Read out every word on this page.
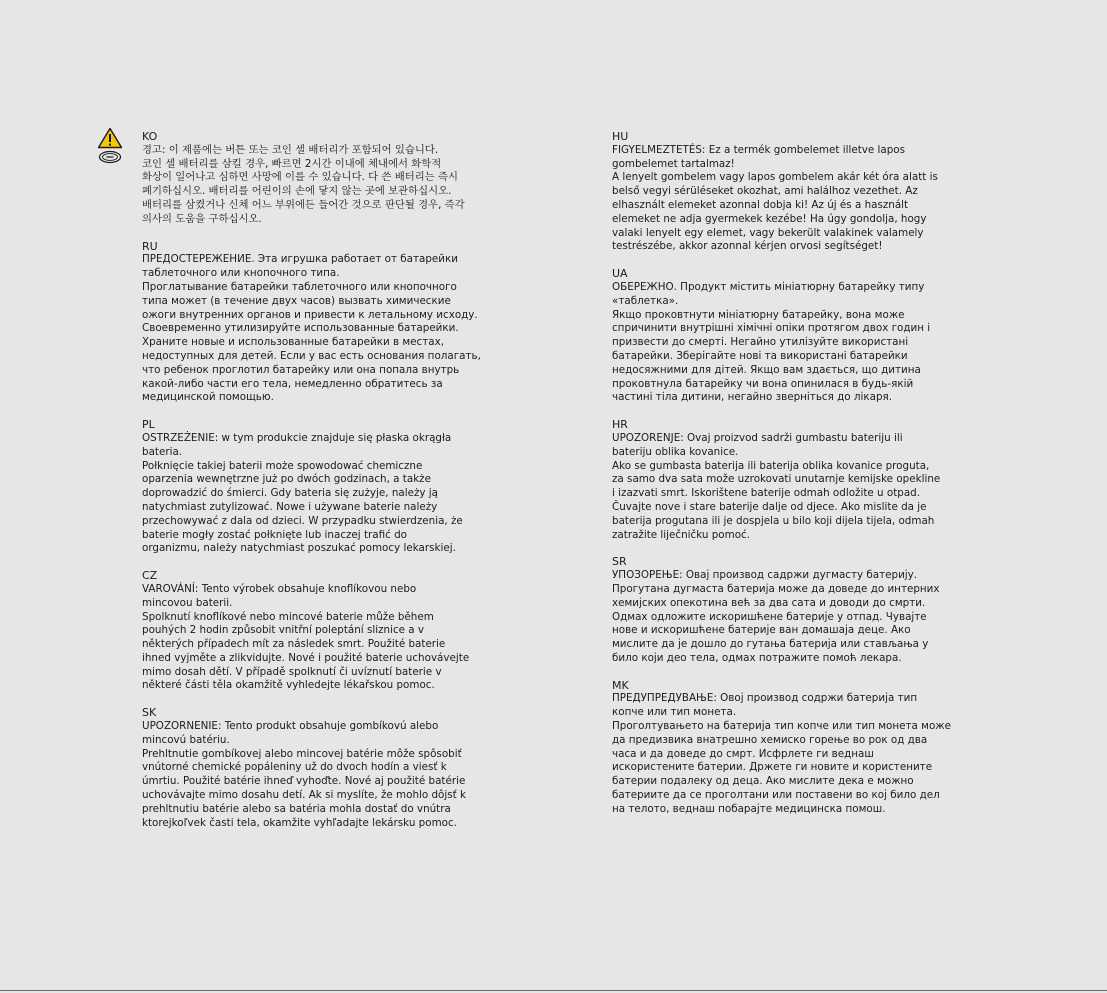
KO
경고: 이 제품에는 버튼 또는 코인 셀 배터리가 포함되어 있습니다.
코인 셀 배터리를 삼킬 경우, 빠르면 2시간 이내에 체내에서 화학적
화상이 일어나고 심하면 사망에 이를 수 있습니다. 다 쓴 배터리는 즉시
폐기하십시오. 배터리를 어린이의 손에 닿지 않는 곳에 보관하십시오.
배터리를 삼켰거나 신체 어느 부위에든 들어간 것으로 판단될 경우, 즉각
의사의 도움을 구하십시오.
RU
ПРЕДОСТЕРЕЖЕНИЕ. Эта игрушка работает от батарейки
таблеточного или кнопочного типа.
Проглатывание батарейки таблеточного или кнопочного
типа может (в течение двух часов) вызвать химические
ожоги внутренних органов и привести к летальному исходу.
Своевременно утилизируйте использованные батарейки.
Храните новые и использованные батарейки в местах,
недоступных для детей. Если у вас есть основания полагать,
что ребенок проглотил батарейку или она попала внутрь
какой-либо части его тела, немедленно обратитесь за
медицинской помощью.
PL
OSTRZEŻENIE: w tym produkcie znajduje się płaska okrągła
bateria.
Połknięcie takiej baterii może spowodować chemiczne
oparzenia wewnętrzne już po dwóch godzinach, a także
doprowadzić do śmierci. Gdy bateria się zużyje, należy ją
natychmiast zutylizować. Nowe i używane baterie należy
przechowywać z dala od dzieci. W przypadku stwierdzenia, że
baterie mogły zostać połknięte lub inaczej trafić do
organizmu, należy natychmiast poszukać pomocy lekarskiej.
CZ
VAROVÁNÍ: Tento výrobek obsahuje knoflíkovou nebo
mincovou baterii.
Spolknutí knoflíkové nebo mincové baterie může během
pouhých 2 hodin způsobit vnitřní poleptání sliznice a v
některých případech mít za následek smrt. Použité baterie
ihned vyjměte a zlikvidujte. Nové i použité baterie uchovávejte
mimo dosah dětí. V případě spolknutí či uvíznutí baterie v
některé části těla okamžitě vyhledejte lékařskou pomoc.
SK
UPOZORNENIE: Tento produkt obsahuje gombíkovú alebo
mincovú batériu.
Prehltnutie gombíkovej alebo mincovej batérie môže spôsobiť
vnútorné chemické popáleniny už do dvoch hodín a viesť k
úmrtiu. Použité batérie ihneď vyhoďte. Nové aj použité batérie
uchovávajte mimo dosahu detí. Ak si myslíte, že mohlo dôjsť k
prehltnutiu batérie alebo sa batéria mohla dostať do vnútra
ktorejkoľvek časti tela, okamžite vyhľadajte lekársku pomoc.
HU
FIGYELMEZTETÉS: Ez a termék gombelemet illetve lapos
gombelemet tartalmaz!
A lenyelt gombelem vagy lapos gombelem akár két óra alatt is
belső vegyi sérüléseket okozhat, ami halálhoz vezethet. Az
elhasznált elemeket azonnal dobja ki! Az új és a használt
elemeket ne adja gyermekek kezébe! Ha úgy gondolja, hogy
valaki lenyelt egy elemet, vagy bekerült valakinek valamely
testrészébe, akkor azonnal kérjen orvosi segítséget!
UA
ОБЕРЕЖНО. Продукт містить мініатюрну батарейку типу
«таблетка».
Якщо проковтнути мініатюрну батарейку, вона може
спричинити внутрішні хімічні опіки протягом двох годин і
призвести до смерті. Негайно утилізуйте використані
батарейки. Зберігайте нові та використані батарейки
недосяжними для дітей. Якщо вам здається, що дитина
проковтнула батарейку чи вона опинилася в будь-якій
частині тіла дитини, негайно зверніться до лікаря.
HR
UPOZORENJE: Ovaj proizvod sadrži gumbastu bateriju ili
bateriju oblika kovanice.
Ako se gumbasta baterija ili baterija oblika kovanice proguta,
za samo dva sata može uzrokovati unutarnje kemijske opekline
i izazvati smrt. Iskorištene baterije odmah odložite u otpad.
Čuvajte nove i stare baterije dalje od djece. Ako mislite da je
baterija progutana ili je dospjela u bilo koji dijela tijela, odmah
zatražite liječničku pomoć.
SR
УПОЗОРЕЊЕ: Овај производ садржи дугмасту батерију.
Прогутана дугмаста батерија може да доведе до интерних
хемијских опекотина већ за два сата и доводи до смрти.
Одмах одложите искоришћене батерије у отпад. Чувајте
нове и искоришћене батерије ван домашаја деце. Ако
мислите да је дошло до гутања батерија или стављања у
било који део тела, одмах потражите помоћ лекара.
MK
ПРЕДУПРЕДУВАЊЕ: Овој производ содржи батерија тип
копче или тип монета.
Проголтувањето на батерија тип копче или тип монета може
да предизвика внатрешно хемиско горење во рок од два
часа и да доведе до смрт. Исфрлете ги веднаш
искористените батерии. Држете ги новите и користените
батерии подалеку од деца. Ако мислите дека е можно
батериите да се проголтани или поставени во кој било дел
на телото, веднаш побарајте медицинска помош.
